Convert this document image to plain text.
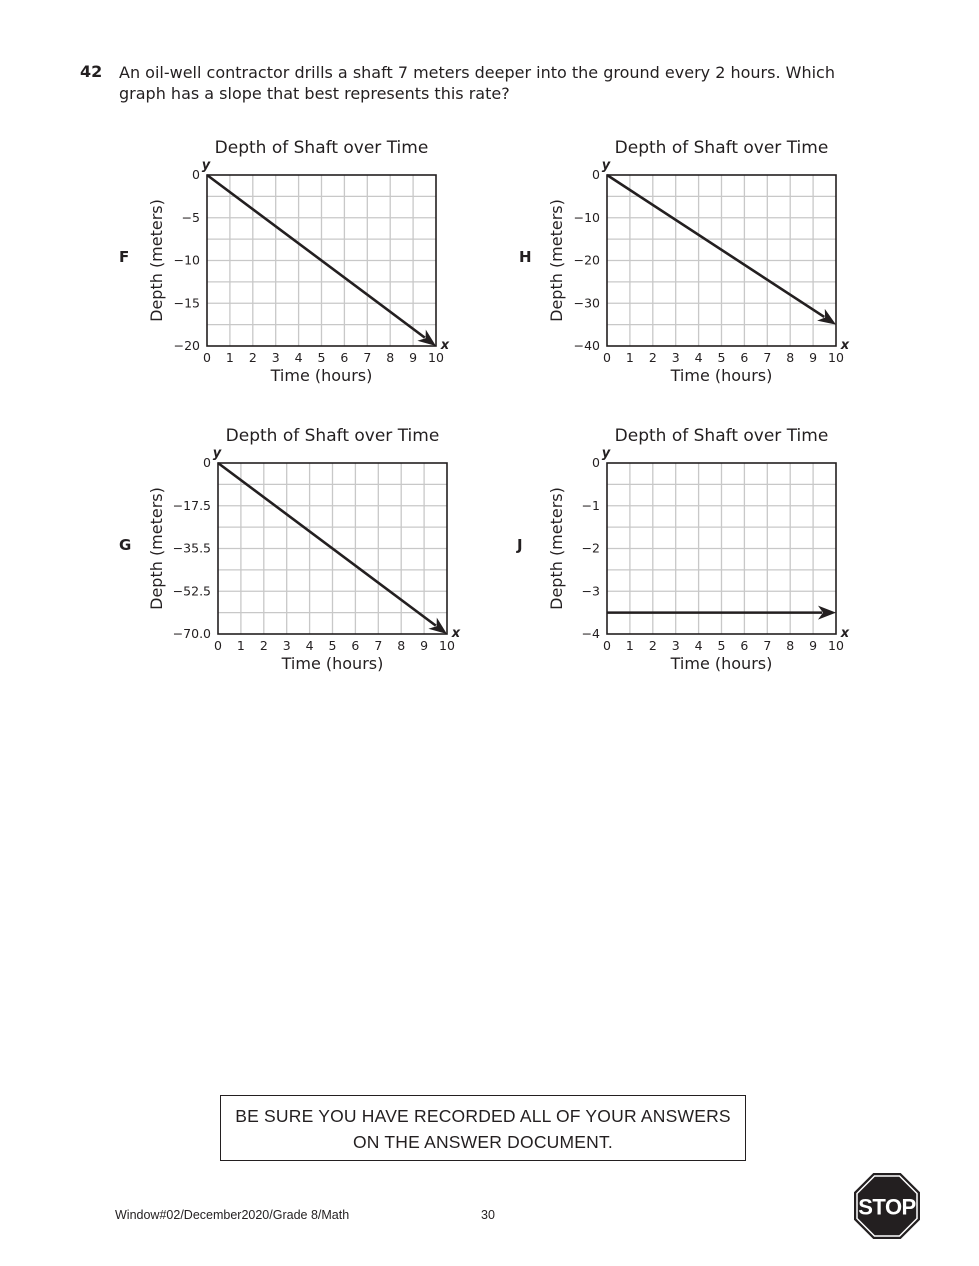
42 An oil-well contractor drills a shaft 7 meters deeper into the ground every 2 hours. Which
graph has a slope that best represents this rate?
F
Depth of Shaft over Time
y
x
0 1 2 3 4 5 6 7 8 9 10
0
−5
−10
−15
−20
Time (hours)
Depth (meters)	H
Depth of Shaft over Time
y
x
0 1 2 3 4 5 6 7 8 9 10
0
−10
−20
−30
−40
Time (hours)
Depth (meters)
G
Depth of Shaft over Time
y
x
0 1 2 3 4 5 6 7 8 9 10
0
−17.5
−35.5
−52.5
−70.0
Time (hours)
Depth (meters)	J
Depth of Shaft over Time
y
x
0 1 2 3 4 5 6 7 8 9 10
0
−1
−2
−3
−4
Time (hours)
Depth (meters)
BE SURE YOU HAVE RECORDED ALL OF YOUR ANSWERS
ON THE ANSWER DOCUMENT.
Window#02/December2020/Grade 8/Math	30	STOP
